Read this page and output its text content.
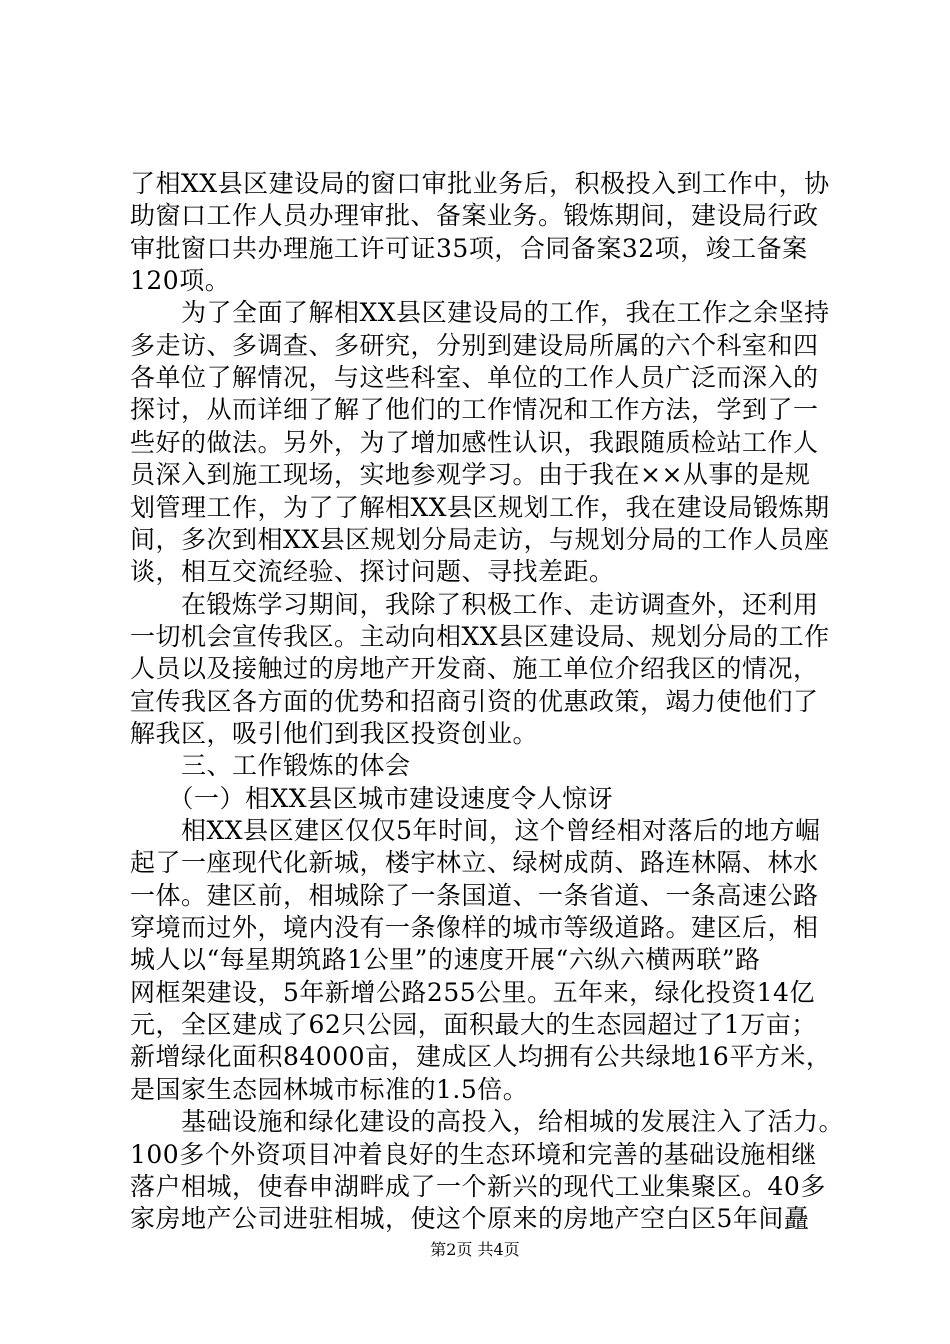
了相XX县区建设局的窗口审批业务后，积极投入到工作中，协
助窗口工作人员办理审批、备案业务。锻炼期间，建设局行政
审批窗口共办理施工许可证35项，合同备案32项，竣工备案
120项。
　　为了全面了解相XX县区建设局的工作，我在工作之余坚持
多走访、多调查、多研究，分别到建设局所属的六个科室和四
各单位了解情况，与这些科室、单位的工作人员广泛而深入的
探讨，从而详细了解了他们的工作情况和工作方法，学到了一
些好的做法。另外，为了增加感性认识，我跟随质检站工作人
员深入到施工现场，实地参观学习。由于我在××从事的是规
划管理工作，为了了解相XX县区规划工作，我在建设局锻炼期
间，多次到相XX县区规划分局走访，与规划分局的工作人员座
谈，相互交流经验、探讨问题、寻找差距。
　　在锻炼学习期间，我除了积极工作、走访调查外，还利用
一切机会宣传我区。主动向相XX县区建设局、规划分局的工作
人员以及接触过的房地产开发商、施工单位介绍我区的情况，
宣传我区各方面的优势和招商引资的优惠政策，竭力使他们了
解我区，吸引他们到我区投资创业。
　　三、工作锻炼的体会
　　（一）相XX县区城市建设速度令人惊讶
　　相XX县区建区仅仅5年时间，这个曾经相对落后的地方崛
起了一座现代化新城，楼宇林立、绿树成荫、路连林隔、林水
一体。建区前，相城除了一条国道、一条省道、一条高速公路
穿境而过外，境内没有一条像样的城市等级道路。建区后，相
城人以“每星期筑路1公里”的速度开展“六纵六横两联”路
网框架建设，5年新增公路255公里。五年来，绿化投资14亿
元，全区建成了62只公园，面积最大的生态园超过了1万亩；
新增绿化面积84000亩，建成区人均拥有公共绿地16平方米，
是国家生态园林城市标准的1.5倍。
　　基础设施和绿化建设的高投入，给相城的发展注入了活力。
100多个外资项目冲着良好的生态环境和完善的基础设施相继
落户相城，使春申湖畔成了一个新兴的现代工业集聚区。40多
家房地产公司进驻相城，使这个原来的房地产空白区5年间矗
第2页 共4页
